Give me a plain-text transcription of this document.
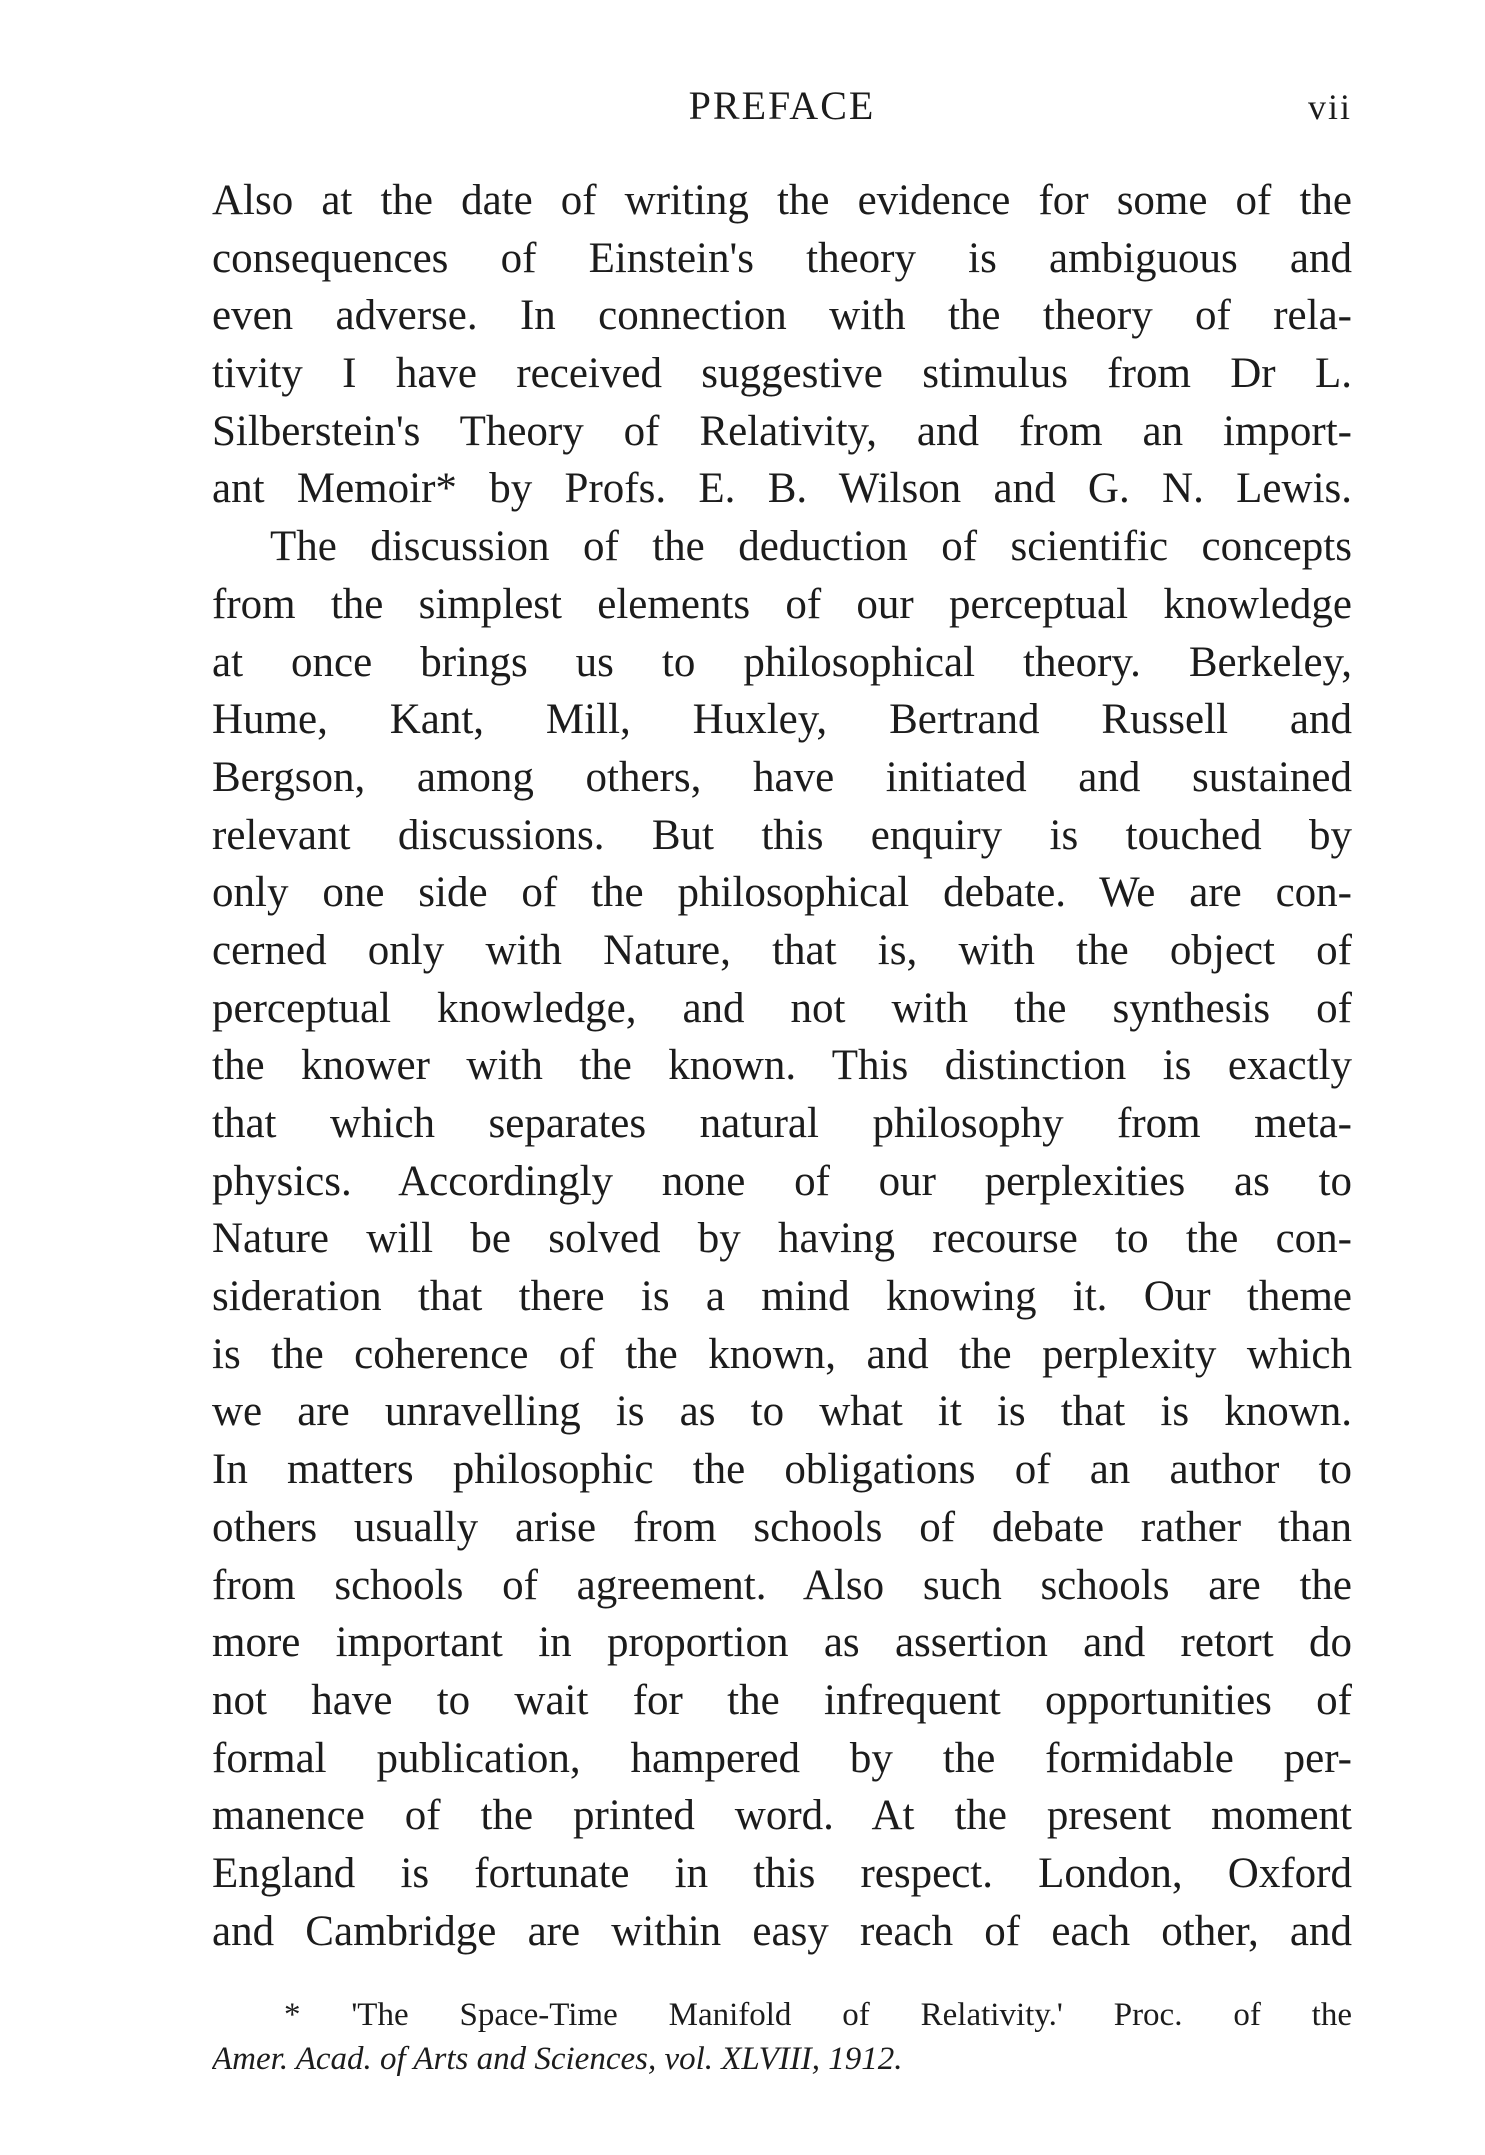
PREFACE	vii
Also at the date of writing the evidence for some of the
consequences of Einstein's theory is ambiguous and
even adverse. In connection with the theory of rela-
tivity I have received suggestive stimulus from Dr L.
Silberstein's Theory of Relativity, and from an import-
ant Memoir* by Profs. E. B. Wilson and G. N. Lewis.
The discussion of the deduction of scientific concepts
from the simplest elements of our perceptual knowledge
at once brings us to philosophical theory. Berkeley,
Hume, Kant, Mill, Huxley, Bertrand Russell and
Bergson, among others, have initiated and sustained
relevant discussions. But this enquiry is touched by
only one side of the philosophical debate. We are con-
cerned only with Nature, that is, with the object of
perceptual knowledge, and not with the synthesis of
the knower with the known. This distinction is exactly
that which separates natural philosophy from meta-
physics. Accordingly none of our perplexities as to
Nature will be solved by having recourse to the con-
sideration that there is a mind knowing it. Our theme
is the coherence of the known, and the perplexity which
we are unravelling is as to what it is that is known.
In matters philosophic the obligations of an author to
others usually arise from schools of debate rather than
from schools of agreement. Also such schools are the
more important in proportion as assertion and retort do
not have to wait for the infrequent opportunities of
formal publication, hampered by the formidable per-
manence of the printed word. At the present moment
England is fortunate in this respect. London, Oxford
and Cambridge are within easy reach of each other, and
* 'The Space-Time Manifold of Relativity.' Proc. of the
Amer. Acad. of Arts and Sciences, vol. XLVIII, 1912.
